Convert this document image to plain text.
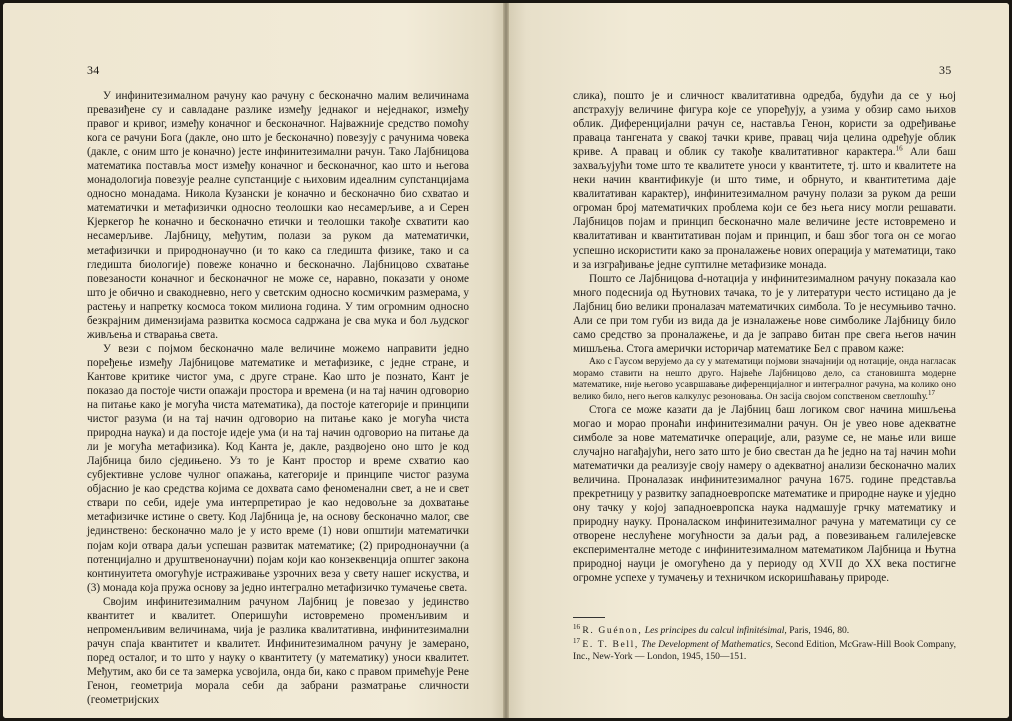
34

У инфинитезималном рачуну као рачуну с бесконачно малим величинама превазиђене су и савладане разлике између једнаког и неједнаког, између правог и кривог, између коначног и бесконачног. Најважније средство помоћу кога се рачуни Бога (дакле, оно што је бесконачно) повезују с рачунима човека (дакле, с оним што је коначно) јесте инфинитезимални рачун. Тако Лајбницова математика поставља мост између коначног и бесконачног, као што и његова монадологија повезује реалне супстанције с њиховим идеалним супстанцијама односно монадама. Никола Кузански је коначно и бесконачно био схватао и математички и метафизички односно теолошки као несамерљиве, а и Серен Кјеркегор ће коначно и бесконачно етички и теолошки такође схватити као несамерљиве. Лајбницу, међутим, полази за руком да математички, метафизички и природнонаучно (и то како са гледишта физике, тако и са гледишта биологије) повеже коначно и бесконачно. Лајбницово схватање повезаности коначног и бесконачног не може се, наравно, показати у ономе што је обично и свакодневно, него у светским односно космичким размерама, у растењу и напретку космоса током милиона година. У тим огромним односно безкрајним димензијама развитка космоса садржана је сва мука и бол људског живљења и стварања света.

У вези с појмом бесконачно мале величине можемо направити једно поређење између Лајбницове математике и метафизике, с једне стране, и Кантове критике чистог ума, с друге стране. Као што је познато, Кант је показао да постоје чисти опажаји простора и времена (и на тај начин одговорио на питање како је могућа чиста математика), да постоје категорије и принципи чистог разума (и на тај начин одговорио на питање како је могућа чиста природна наука) и да постоје идеје ума (и на тај начин одговорио на питање да ли је могућа метафизика). Код Канта је, дакле, раздвојено оно што је код Лајбница било сједињено. Уз то је Кант простор и време схватио као субјективне услове чулног опажања, категорије и принципе чистог разума објаснио је као средства којима се дохвата само феноменални свет, а не и свет ствари по себи, идеје ума интерпретирао је као недовољне за дохватање метафизичке истине о свету. Код Лајбница је, на основу бесконачно малог, све јединствено: бесконачно мало је у исто време (1) нови општији математички појам који отвара даљи успешан развитак математике; (2) природнонаучни (а потенцијално и друштвенонаучни) појам који као конзеквенција општег закона континуитета омогућује истраживање узрочних веза у свету нашег искуства, и (3) монада која пружа основу за једно интегрално метафизичко тумачење света.

Својим инфинитезималним рачуном Лајбниц је повезао у јединство квантитет и квалитет. Оперишући истовремено променљивим и непроменљивим величинама, чија је разлика квалитативна, инфинитезимални рачун спаја квантитет и квалитет. Инфинитезималном рачуну је замерано, поред осталог, и то што у науку о квантитету (у математику) уноси квалитет. Међутим, ако би се та замерка усвојила, онда би, како с правом примећује Рене Генон, геометрија морала себи да забрани разматрање сличности (геометријских

35

слика), пошто је и сличност квалитативна одредба, будући да се у њој апстрахују величине фигура које се упоређују, а узима у обзир само њихов облик. Диференцијални рачун се, наставља Генон, користи за одређивање праваца тангената у свакој тачки криве, правац чија целина одређује облик криве. А правац и облик су такође квалитативног карактера.$^{16}$ Али баш захваљујући томе што те квалитете уноси у квантитете, тј. што и квалитете на неки начин квантификује (и што тиме, и обрнуто, и квантитетима даје квалитативан карактер), инфинитезималном рачуну полази за руком да реши огроман број математичких проблема који се без њега нису могли решавати. Лајбницов појам и принцип бесконачно мале величине јесте истовремено и квалитативан и квантитативан појам и принцип, и баш због тога он се могао успешно искористити како за проналажење нових операција у математици, тако и за изграђивање једне суптилне метафизике монада.

Пошто се Лајбницова d-нотација у инфинитезималном рачуну показала као много подеснија од Њутнових тачака, то је у литератури често истицано да је Лајбниц био велики проналазач математичких симбола. То је несумњиво тачно. Али се при том губи из вида да је изналажење нове симболике Лајбницу било само средство за проналажење, и да је заправо битан пре свега његов начин мишљења. Стога амерички историчар математике Бел с правом каже:

Ако с Гаусом верујемо да су у математици појмови значајнији од нотације, онда нагласак морамо ставити на нешто друго. Највеће Лајбницово дело, са становишта модерне математике, није његово усавршавање диференцијалног и интегралног рачуна, ма колико оно велико било, него његов калкулус резоновања. Он засija својом сопственом светлошћу.$^{17}$

Стога се може казати да је Лајбниц баш логиком свог начина мишљења могао и морао пронаћи инфинитезимални рачун. Он је увео нове адекватне симболе за нове математичке операције, али, разуме се, не мање или више случајно нагађајући, него зато што је био свестан да ће једно на тај начин моћи математички да реализује своју намеру о адекватној анализи бесконачно малих величина. Проналазак инфинитезималног рачуна 1675. године представља прекретницу у развитку западноевропске математике и природне науке и уједно ону тачку у којој западноевропска наука надмашује грчку математику и природну науку. Проналаском инфинитезималног рачуна у математици су се отворене неслућене могућности за даљи рад, а повезивањем галилејевске експерименталне методе с инфинитезималном математиком Лајбница и Њутна природној науци је омогућено да у периоду од XVII до XX века постигне огромне успехе у тумачењу и техничком искоришћавању природе.

$^{16}$ R. Guénon, Les principes du calcul infinitésimal, Paris, 1946, 80.
$^{17}$ E. T. Bell, The Development of Mathematics, Second Edition, McGraw-Hill Book Company, Inc., New-York — London, 1945, 150—151.
